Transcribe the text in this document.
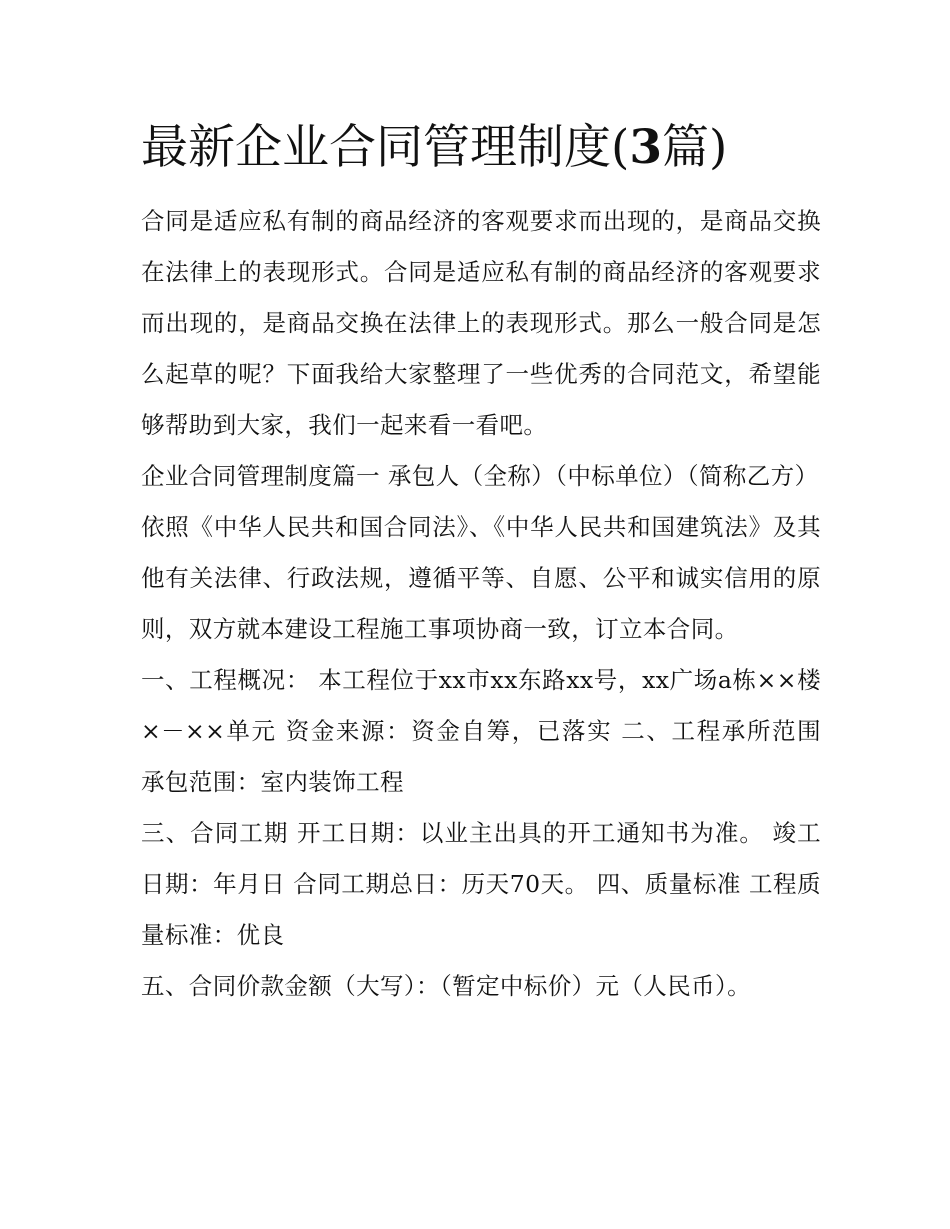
最新企业合同管理制度(3篇)

合同是适应私有制的商品经济的客观要求而出现的，是商品交换在法律上的表现形式。合同是适应私有制的商品经济的客观要求而出现的，是商品交换在法律上的表现形式。那么一般合同是怎么起草的呢？下面我给大家整理了一些优秀的合同范文，希望能够帮助到大家，我们一起来看一看吧。

企业合同管理制度篇一 承包人（全称）（中标单位）（简称乙方）

依照《中华人民共和国合同法》、《中华人民共和国建筑法》及其他有关法律、行政法规，遵循平等、自愿、公平和诚实信用的原则，双方就本建设工程施工事项协商一致，订立本合同。

一、工程概况： 本工程位于xx市xx东路xx号，xx广场a栋××楼×－××单元 资金来源：资金自筹，已落实 二、工程承所范围 承包范围：室内装饰工程

三、合同工期 开工日期：以业主出具的开工通知书为准。 竣工日期：年月日 合同工期总日：历天70天。 四、质量标准 工程质量标准：优良

五、合同价款金额（大写）：（暂定中标价）元（人民币）。
